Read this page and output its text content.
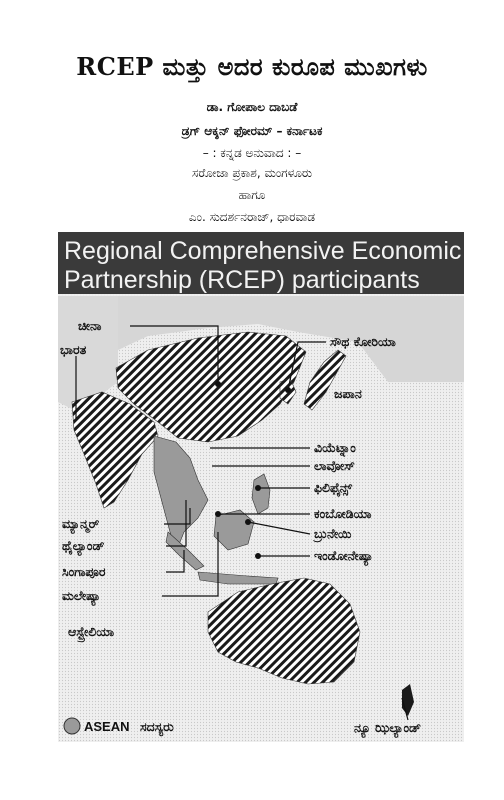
RCEP ಮತ್ತು ಅದರ ಕುರೂಪ ಮುಖಗಳು
ಡಾ. ಗೋಪಾಲ ದಾಬಡೆ
ಡ್ರಗ್ ಆಕ್ಶನ್ ಫೋರಮ್ – ಕರ್ನಾಟಕ
– : ಕನ್ನಡ ಅನುವಾದ : –
ಸರೋಜಾ ಪ್ರಕಾಶ, ಮಂಗಳೂರು
ಹಾಗೂ
ಎಂ. ಸುದರ್ಶನರಾಜ್, ಧಾರವಾಡ
Regional Comprehensive Economic
Partnership (RCEP) participants
ಚೀನಾ
ಭಾರತ
ಸೌಥ ಕೋರಿಯಾ
ಜಪಾನ
ವಿಯೆಟ್ನಾಂ
ಲಾವೋಸ್
ಫಿಲಿಫೈನ್ಸ್
ಕಂಬೋಡಿಯಾ
ಮ್ಯಾನ್ಮರ್
ಬ್ರುನೇಯಿ
ಥೈಲ್ಯಾಂಡ್
ಇಂಡೋನೇಷ್ಯಾ
ಸಿಂಗಾಪೂರ
ಮಲೇಷ್ಯಾ
ಆಸ್ಟ್ರೇಲಿಯಾ
ನ್ಯೂ ಝಿಲ್ಯಾಂಡ್
ASEAN ಸದಸ್ಯರು
